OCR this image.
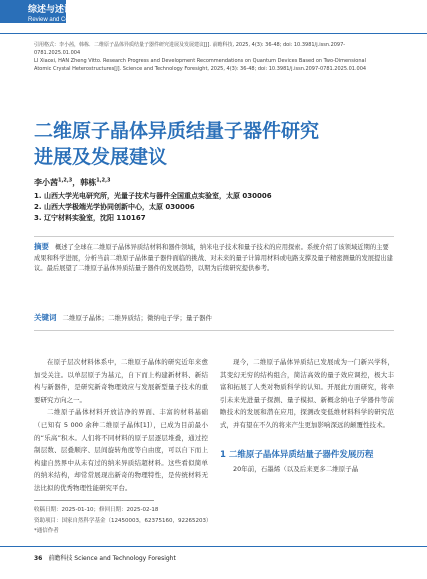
综述与述评
Review and Commentary
引用格式：李小茜，韩栋．二维原子晶体异质结量子器件研究进展及发展建议[J]. 前瞻科技, 2025, 4(3): 36-48; doi: 10.3981/j.issn.2097-
0781.2025.01.004
LI Xiaoxi, HAN Zheng Vitto. Research Progress and Development Recommendations on Quantum Devices Based on Two-Dimensional
Atomic Crystal Heterostructures[J]. Science and Technology Foresight, 2025, 4(3): 36-48; doi: 10.3981/j.issn.2097-0781.2025.01.004
二维原子晶体异质结量子器件研究
进展及发展建议
李小茜$^{1,2,3}$，韩栋$^{1,2,3}$
1. 山西大学光电研究所，光量子技术与器件全国重点实验室，太原 030006
2. 山西大学极端光学协同创新中心，太原 030006
3. 辽宁材料实验室，沈阳 110167
摘要 概述了全球在二维原子晶体异质结材料和器件领域，纳米电子技术和量子技术的应用探索。系统介绍了该领域近期的主要成果和科学进展，分析当前二维原子晶体量子器件面临的挑战、对未来的量子计算用材料或电路支撑及量子精密测量的发展提出建议。最后展望了二维原子晶体异质结量子器件的发展趋势，以期为后续研究提供参考。
关键词 二维原子晶体；二维异质结；微纳电子学；量子器件

在原子层次材料体系中，二维原子晶体的研究近年来愈加受关注。以单层原子为基元，自下而上构建新材料、新结构与新器件，是研究新奇物理效应与发展新型量子技术的重要研究方向之一。

二维原子晶体材料开放洁净的界面、丰富的材料基础（已知有 5 000 余种二维原子晶体[1]），已成为目前最小的“乐高”积木。人们将不同材料的原子层逐层堆叠，通过控制层数、层叠顺序、层间旋转角度等自由度，可以自下而上构建自然界中从未有过的纳米异质结超材料。这些看似简单的纳米结构，却常常展现出新奇的物理特性，是传统材料无法比拟的优秀物理性能研究平台。

现今，二维原子晶体异质结已发展成为一门新兴学科，其变幻无穷的结构组合，简洁高效的量子效应调控，极大丰富和拓展了人类对物质科学的认知。开展此方面研究，将牵引未来先进量子探测、量子模拟、新概念纳电子学器件等前瞻技术的发展和潜在应用，探测改变低维材料科学的研究范式，并有望在不久的将来产生更加影响深远的颠覆性技术。

1 二维原子晶体异质结量子器件发展历程

20年前，石墨烯（以及后来更多二维原子晶

收稿日期：2025-01-10；修回日期：2025-02-18
资助项目：国家自然科学基金（12450003，62375160，92265203）
*通信作者
36 前瞻科技 Science and Technology Foresight
